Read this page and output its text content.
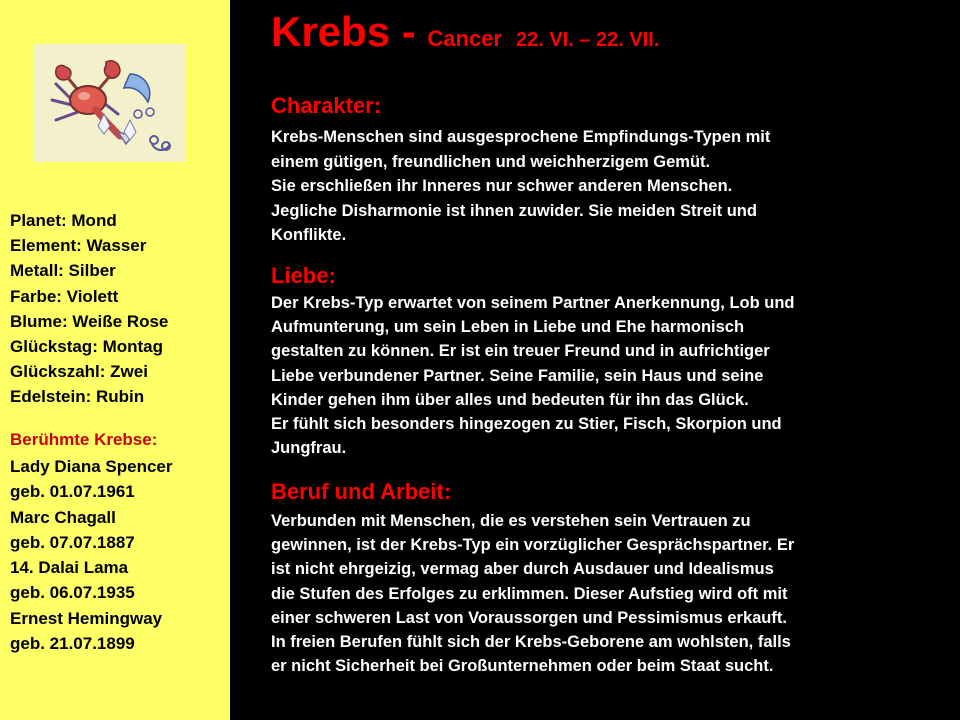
Planet: Mond
Element: Wasser
Metall: Silber
Farbe: Violett
Blume: Weiße Rose
Glückstag: Montag
Glückszahl: Zwei
Edelstein: Rubin
Berühmte Krebse:
Lady Diana Spencer
geb. 01.07.1961
Marc Chagall
geb. 07.07.1887
14. Dalai Lama
geb. 06.07.1935
Ernest Hemingway
geb. 21.07.1899
Krebs - Cancer 22. VI. – 22. VII.
Charakter:
Krebs-Menschen sind ausgesprochene Empfindungs-Typen mit
einem gütigen, freundlichen und weichherzigem Gemüt.
Sie erschließen ihr Inneres nur schwer anderen Menschen.
Jegliche Disharmonie ist ihnen zuwider. Sie meiden Streit und
Konflikte.
Liebe:
Der Krebs-Typ erwartet von seinem Partner Anerkennung, Lob und
Aufmunterung, um sein Leben in Liebe und Ehe harmonisch
gestalten zu können. Er ist ein treuer Freund und in aufrichtiger
Liebe verbundener Partner. Seine Familie, sein Haus und seine
Kinder gehen ihm über alles und bedeuten für ihn das Glück.
Er fühlt sich besonders hingezogen zu Stier, Fisch, Skorpion und
Jungfrau.
Beruf und Arbeit:
Verbunden mit Menschen, die es verstehen sein Vertrauen zu
gewinnen, ist der Krebs-Typ ein vorzüglicher Gesprächspartner. Er
ist nicht ehrgeizig, vermag aber durch Ausdauer und Idealismus
die Stufen des Erfolges zu erklimmen. Dieser Aufstieg wird oft mit
einer schweren Last von Voraussorgen und Pessimismus erkauft.
In freien Berufen fühlt sich der Krebs-Geborene am wohlsten, falls
er nicht Sicherheit bei Großunternehmen oder beim Staat sucht.
